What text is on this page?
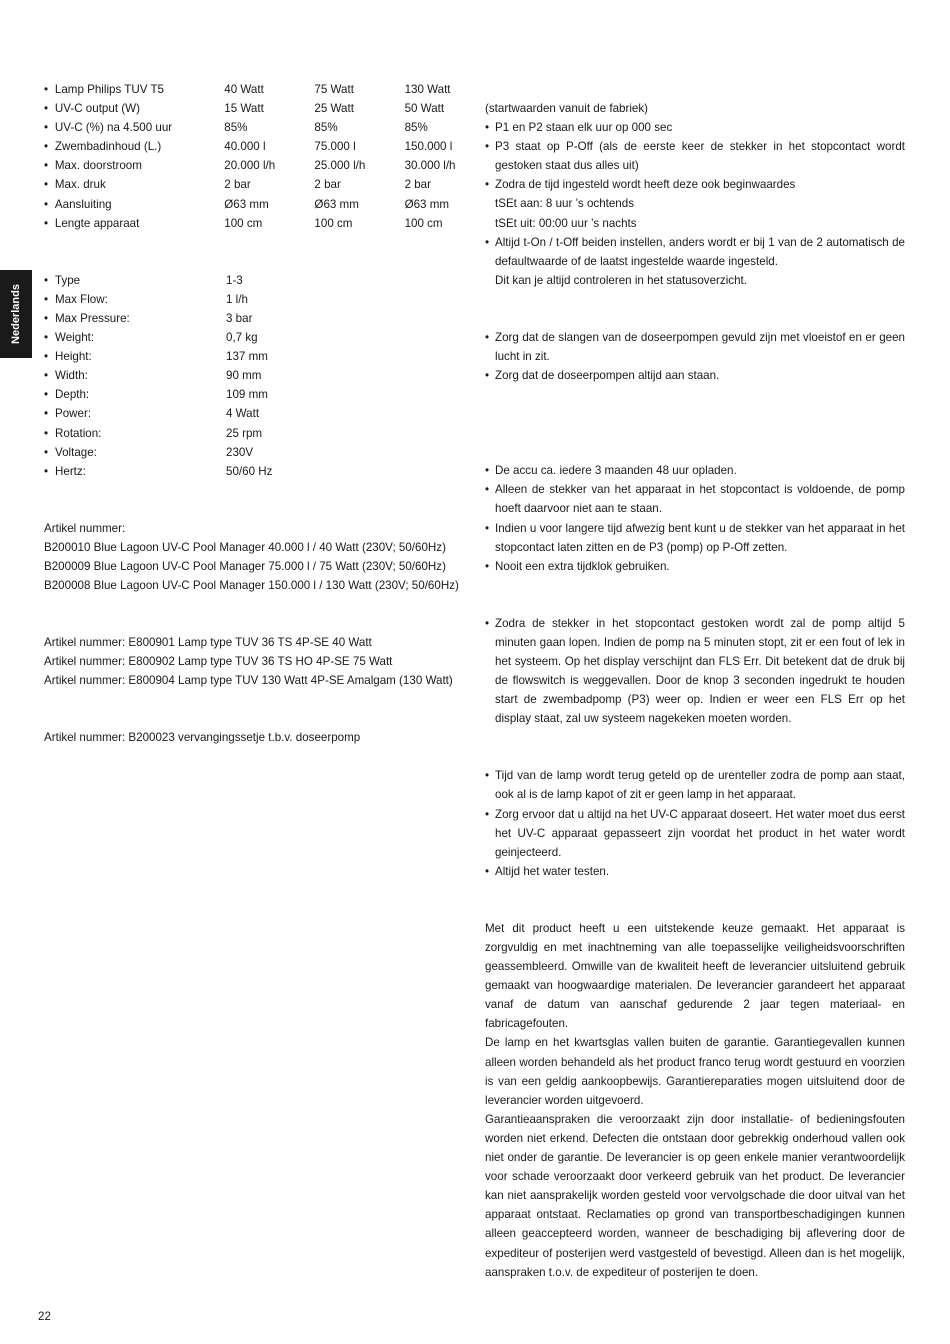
Nederlands
• Lamp Philips TUV T5	40 Watt	75 Watt	130 Watt
• UV-C output (W)	15 Watt	25 Watt	50 Watt
• UV-C (%) na 4.500 uur	85%	85%	85%
• Zwembadinhoud (L.)	40.000 l	75.000 l	150.000 l
• Max. doorstroom	20.000 l/h	25.000 l/h	30.000 l/h
• Max. druk	2 bar	2 bar	2 bar
• Aansluiting	Ø63 mm	Ø63 mm	Ø63 mm
• Lengte apparaat	100 cm	100 cm	100 cm
• Type	1-3
• Max Flow:	1 l/h
• Max Pressure:	3 bar
• Weight:	0,7 kg
• Height:	137 mm
• Width:	90 mm
• Depth:	109 mm
• Power:	4 Watt
• Rotation:	25 rpm
• Voltage:	230V
• Hertz:	50/60 Hz
Artikel nummer:
B200010 Blue Lagoon UV-C Pool Manager 40.000 l / 40 Watt (230V; 50/60Hz)
B200009 Blue Lagoon UV-C Pool Manager 75.000 l / 75 Watt (230V; 50/60Hz)
B200008 Blue Lagoon UV-C Pool Manager 150.000 l / 130 Watt (230V; 50/60Hz)
Artikel nummer: E800901 Lamp type TUV 36 TS 4P-SE 40 Watt
Artikel nummer: E800902 Lamp type TUV 36 TS HO 4P-SE 75 Watt
Artikel nummer: E800904 Lamp type TUV 130 Watt 4P-SE Amalgam (130 Watt)
Artikel nummer: B200023 vervangingssetje t.b.v. doseerpomp

(startwaarden vanuit de fabriek)

• P1 en P2 staan elk uur op 000 sec
• P3 staat op P-Off (als de eerste keer de stekker in het stopcontact wordt gestoken staat dus alles uit)
• Zodra de tijd ingesteld wordt heeft deze ook beginwaardes
tSEt aan: 8 uur ’s ochtends
tSEt uit: 00:00 uur ’s nachts
• Altijd t-On / t-Off beiden instellen, anders wordt er bij 1 van de 2 automatisch de defaultwaarde of de laatst ingestelde waarde ingesteld.
Dit kan je altijd controleren in het statusoverzicht.
• Zorg dat de slangen van de doseerpompen gevuld zijn met vloeistof en er geen lucht in zit.
• Zorg dat de doseerpompen altijd aan staan.
• De accu ca. iedere 3 maanden 48 uur opladen.
• Alleen de stekker van het apparaat in het stopcontact is voldoende, de pomp hoeft daarvoor niet aan te staan.
• Indien u voor langere tijd afwezig bent kunt u de stekker van het apparaat in het stopcontact laten zitten en de P3 (pomp) op P-Off zetten.
• Nooit een extra tijdklok gebruiken.
• Zodra de stekker in het stopcontact gestoken wordt zal de pomp altijd 5 minuten gaan lopen. Indien de pomp na 5 minuten stopt, zit er een fout of lek in het systeem. Op het display verschijnt dan FLS Err. Dit betekent dat de druk bij de flowswitch is weggevallen. Door de knop 3 seconden ingedrukt te houden start de zwembadpomp (P3) weer op. Indien er weer een FLS Err op het display staat, zal uw systeem nagekeken moeten worden.
• Tijd van de lamp wordt terug geteld op de urenteller zodra de pomp aan staat, ook al is de lamp kapot of zit er geen lamp in het apparaat.
• Zorg ervoor dat u altijd na het UV-C apparaat doseert. Het water moet dus eerst het UV-C apparaat gepasseert zijn voordat het product in het water wordt geinjecteerd.
• Altijd het water testen.

Met dit product heeft u een uitstekende keuze gemaakt. Het apparaat is zorgvuldig en met inachtneming van alle toepasselijke veiligheidsvoorschriften geassembleerd. Omwille van de kwaliteit heeft de leverancier uitsluitend gebruik gemaakt van hoogwaardige materialen. De leverancier garandeert het apparaat vanaf de datum van aanschaf gedurende 2 jaar tegen materiaal- en fabricagefouten.

De lamp en het kwartsglas vallen buiten de garantie. Garantiegevallen kunnen alleen worden behandeld als het product franco terug wordt gestuurd en voorzien is van een geldig aankoopbewijs. Garantiereparaties mogen uitsluitend door de leverancier worden uitgevoerd.

Garantieaanspraken die veroorzaakt zijn door installatie- of bedieningsfouten worden niet erkend. Defecten die ontstaan door gebrekkig onderhoud vallen ook niet onder de garantie. De leverancier is op geen enkele manier verantwoordelijk voor schade veroorzaakt door verkeerd gebruik van het product. De leverancier kan niet aansprakelijk worden gesteld voor vervolgschade die door uitval van het apparaat ontstaat. Reclamaties op grond van transportbeschadigingen kunnen alleen geaccepteerd worden, wanneer de beschadiging bij aflevering door de expediteur of posterijen werd vastgesteld of bevestigd. Alleen dan is het mogelijk, aanspraken t.o.v. de expediteur of posterijen te doen.

22
